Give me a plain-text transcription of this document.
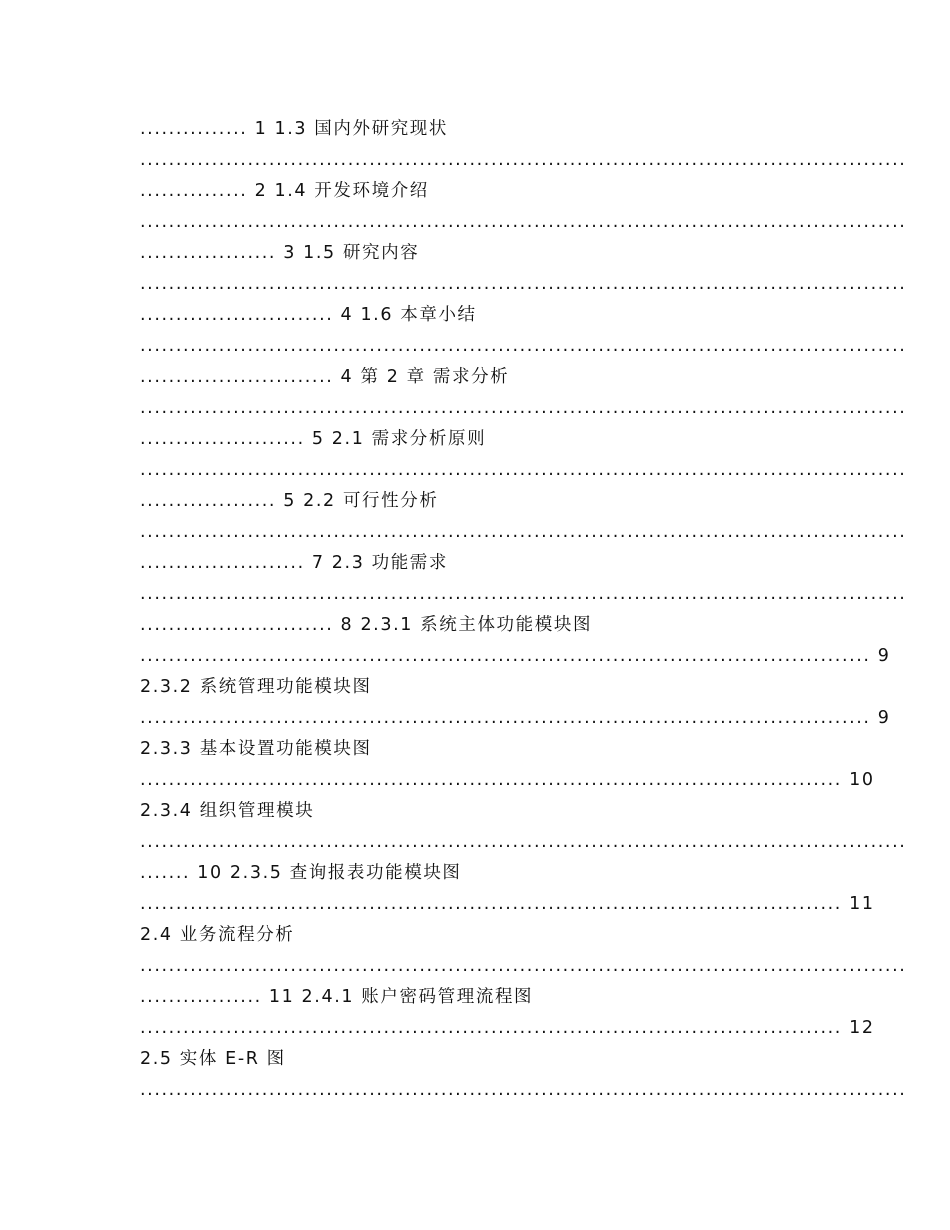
............... 1 1.3 国内外研究现状
...........................................................................................................
............... 2 1.4 开发环境介绍
...........................................................................................................
................... 3 1.5 研究内容
...........................................................................................................
........................... 4 1.6 本章小结
...........................................................................................................
........................... 4 第 2 章 需求分析
...........................................................................................................
....................... 5 2.1 需求分析原则
...........................................................................................................
................... 5 2.2 可行性分析
...........................................................................................................
....................... 7 2.3 功能需求
...........................................................................................................
........................... 8 2.3.1 系统主体功能模块图
...................................................................................................... 9
2.3.2 系统管理功能模块图
...................................................................................................... 9
2.3.3 基本设置功能模块图
.................................................................................................. 10
2.3.4 组织管理模块
...........................................................................................................
....... 10 2.3.5 查询报表功能模块图
.................................................................................................. 11
2.4 业务流程分析
...........................................................................................................
................. 11 2.4.1 账户密码管理流程图
.................................................................................................. 12
2.5 实体 E-R 图
...........................................................................................................
